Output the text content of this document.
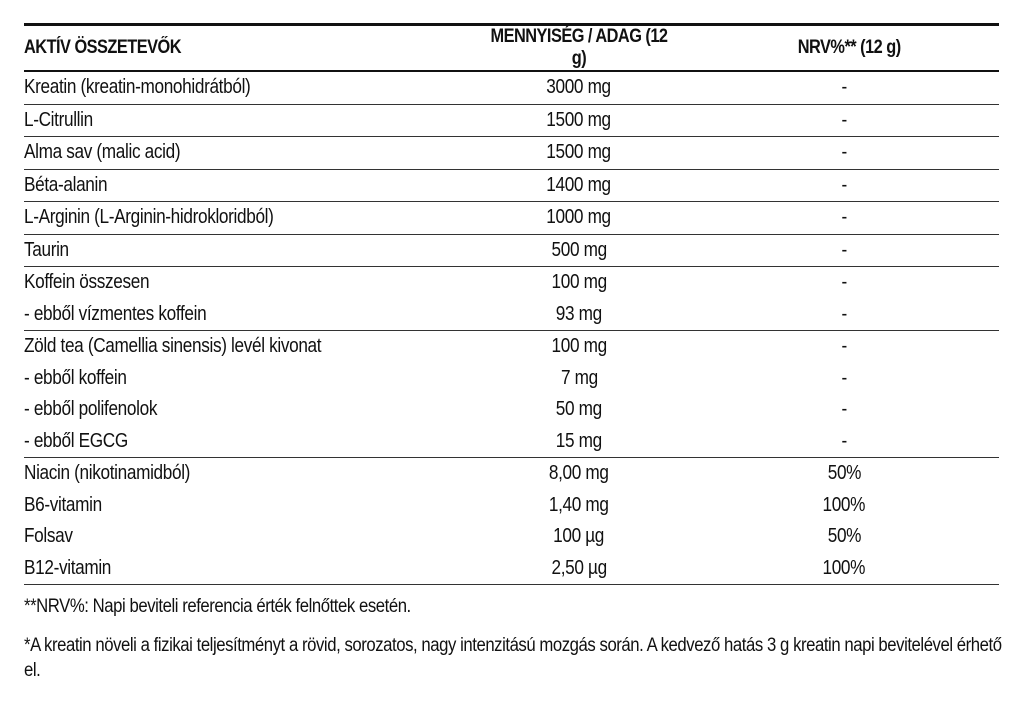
AKTÍV ÖSSZETEVŐK	MENNYISÉG / ADAG (12 g)	NRV%** (12 g)
Kreatin (kreatin-monohidrátból)	3000 mg	-
L-Citrullin	1500 mg	-
Alma sav (malic acid)	1500 mg	-
Béta-alanin	1400 mg	-
L-Arginin (L-Arginin-hidrokloridból)	1000 mg	-
Taurin	500 mg	-
Koffein összesen	100 mg	-
- ebből vízmentes koffein	93 mg	-
Zöld tea (Camellia sinensis) levél kivonat	100 mg	-
- ebből koffein	7 mg	-
- ebből polifenolok	50 mg	-
- ebből EGCG	15 mg	-
Niacin (nikotinamidból)	8,00 mg	50%
B6-vitamin	1,40 mg	100%
Folsav	100 µg	50%
B12-vitamin	2,50 µg	100%

**NRV%: Napi beviteli referencia érték felnőttek esetén.

*A kreatin növeli a fizikai teljesítményt a rövid, sorozatos, nagy intenzitású mozgás során. A kedvező hatás 3 g kreatin napi bevitelével érhető el.
